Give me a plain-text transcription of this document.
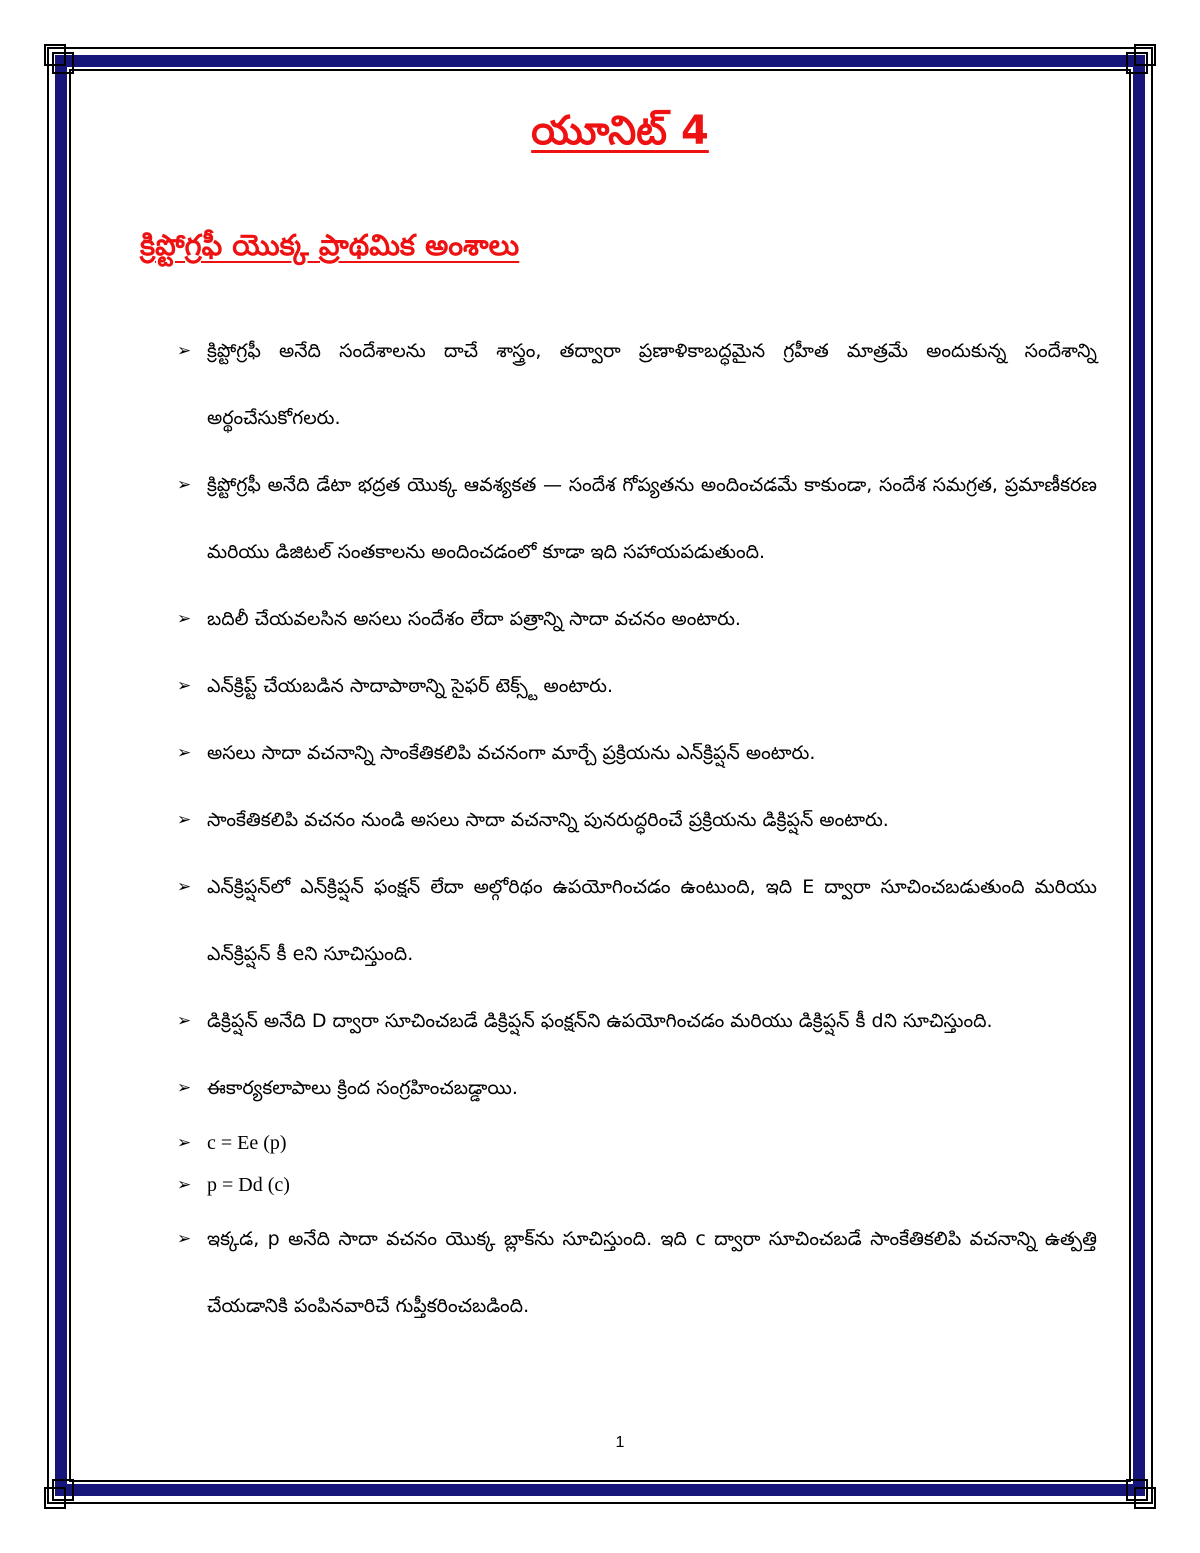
యూనిట్ 4
క్రిప్టోగ్రఫీ యొక్క ప్రాథమిక అంశాలు
➢ క్రిప్టోగ్రఫీ అనేది సందేశాలను దాచే శాస్త్రం, తద్వారా ప్రణాళికాబద్ధమైన గ్రహీత మాత్రమే అందుకున్న సందేశాన్ని అర్థంచేసుకోగలరు.
➢ క్రిప్టోగ్రఫీ అనేది డేటా భద్రత యొక్క ఆవశ్యకత — సందేశ గోప్యతను అందించడమే కాకుండా, సందేశ సమగ్రత, ప్రమాణీకరణ మరియు డిజిటల్ సంతకాలను అందించడంలో కూడా ఇది సహాయపడుతుంది.
➢ బదిలీ చేయవలసిన అసలు సందేశం లేదా పత్రాన్ని సాదా వచనం అంటారు.
➢ ఎన్‌క్రిప్ట్ చేయబడిన సాదాపాఠాన్ని సైఫర్ టెక్స్ట్ అంటారు.
➢ అసలు సాదా వచనాన్ని సాంకేతికలిపి వచనంగా మార్చే ప్రక్రియను ఎన్‌క్రిప్షన్ అంటారు.
➢ సాంకేతికలిపి వచనం నుండి అసలు సాదా వచనాన్ని పునరుద్ధరించే ప్రక్రియను డిక్రిప్షన్ అంటారు.
➢ ఎన్‌క్రిప్షన్‌లో ఎన్‌క్రిప్షన్ ఫంక్షన్ లేదా అల్గోరిథం ఉపయోగించడం ఉంటుంది, ఇది E ద్వారా సూచించబడుతుంది మరియు ఎన్‌క్రిప్షన్ కీ eని సూచిస్తుంది.
➢ డిక్రిప్షన్ అనేది D ద్వారా సూచించబడే డిక్రిప్షన్ ఫంక్షన్‌ని ఉపయోగించడం మరియు డిక్రిప్షన్ కీ dని సూచిస్తుంది.
➢ ఈకార్యకలాపాలు క్రింద సంగ్రహించబడ్డాయి.
➢ c = Ee (p)
➢ p = Dd (c)
➢ ఇక్కడ, p అనేది సాదా వచనం యొక్క బ్లాక్‌ను సూచిస్తుంది. ఇది c ద్వారా సూచించబడే సాంకేతికలిపి వచనాన్ని ఉత్పత్తి చేయడానికి పంపినవారిచే గుప్తీకరించబడింది.
1
